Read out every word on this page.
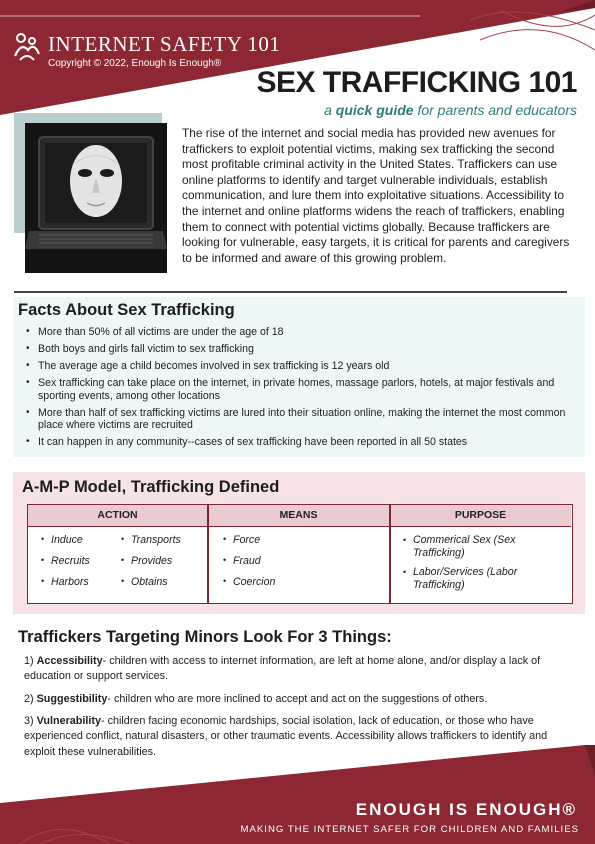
INTERNET SAFETY 101
Copyright © 2022, Enough Is Enough®
SEX TRAFFICKING 101
a quick guide for parents and educators

The rise of the internet and social media has provided new avenues for traffickers to exploit potential victims, making sex trafficking the second most profitable criminal activity in the United States. Traffickers can use online platforms to identify and target vulnerable individuals, establish communication, and lure them into exploitative situations. Accessibility to the internet and online platforms widens the reach of traffickers, enabling them to connect with potential victims globally. Because traffickers are looking for vulnerable, easy targets, it is critical for parents and caregivers to be informed and aware of this growing problem.

Facts About Sex Trafficking
• More than 50% of all victims are under the age of 18
• Both boys and girls fall victim to sex trafficking
• The average age a child becomes involved in sex trafficking is 12 years old
• Sex trafficking can take place on the internet, in private homes, massage parlors, hotels, at major festivals and sporting events, among other locations
• More than half of sex trafficking victims are lured into their situation online, making the internet the most common place where victims are recruited
• It can happen in any community--cases of sex trafficking have been reported in all 50 states
A-M-P Model, Trafficking Defined
ACTION	MEANS	PURPOSE
• Induce
• Recruits
• Harbors
• Transports
• Provides
• Obtains
• Force
• Fraud
• Coercion
• Commerical Sex (Sex Trafficking)
• Labor/Services (Labor Trafficking)
Traffickers Targeting Minors Look For 3 Things:

1) Accessibility- children with access to internet information, are left at home alone, and/or display a lack of education or support services.

2) Suggestibility- children who are more inclined to accept and act on the suggestions of others.

3) Vulnerability- children facing economic hardships, social isolation, lack of education, or those who have experienced conflict, natural disasters, or other traumatic events. Accessibility allows traffickers to identify and exploit these vulnerabilities.

ENOUGH IS ENOUGH®
MAKING THE INTERNET SAFER FOR CHILDREN AND FAMILIES
